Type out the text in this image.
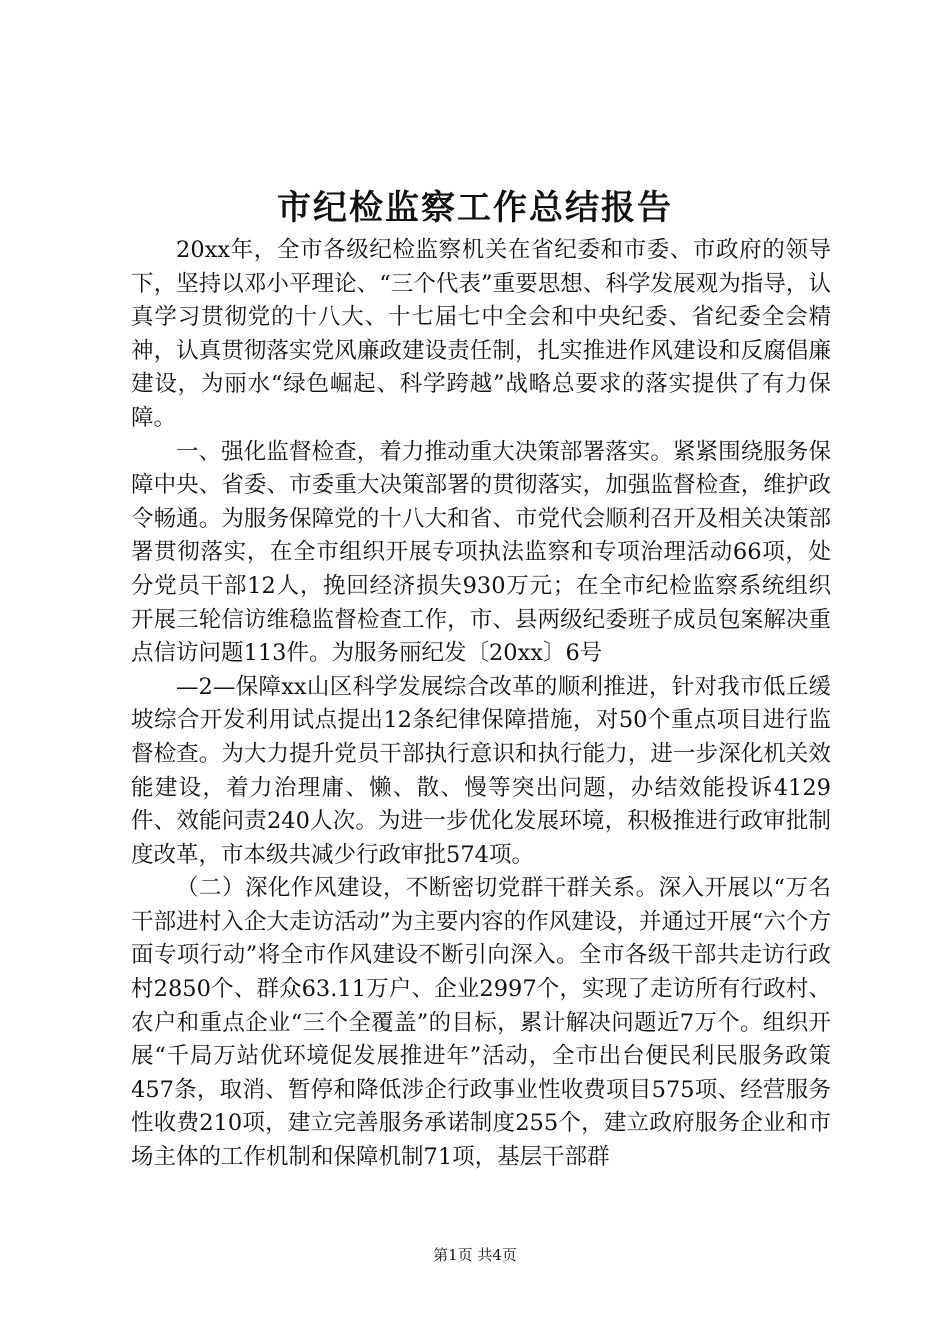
市纪检监察工作总结报告

20xx年，全市各级纪检监察机关在省纪委和市委、市政府的领导下，坚持以邓小平理论、“三个代表”重要思想、科学发展观为指导，认真学习贯彻党的十八大、十七届七中全会和中央纪委、省纪委全会精神，认真贯彻落实党风廉政建设责任制，扎实推进作风建设和反腐倡廉建设，为丽水“绿色崛起、科学跨越”战略总要求的落实提供了有力保障。

一、强化监督检查，着力推动重大决策部署落实。紧紧围绕服务保障中央、省委、市委重大决策部署的贯彻落实，加强监督检查，维护政令畅通。为服务保障党的十八大和省、市党代会顺利召开及相关决策部署贯彻落实，在全市组织开展专项执法监察和专项治理活动66项，处分党员干部12人，挽回经济损失930万元；在全市纪检监察系统组织开展三轮信访维稳监督检查工作，市、县两级纪委班子成员包案解决重点信访问题113件。为服务丽纪发〔20xx〕6号

—2—保障xx山区科学发展综合改革的顺利推进，针对我市低丘缓坡综合开发利用试点提出12条纪律保障措施，对50个重点项目进行监督检查。为大力提升党员干部执行意识和执行能力，进一步深化机关效能建设，着力治理庸、懒、散、慢等突出问题，办结效能投诉4129件、效能问责240人次。为进一步优化发展环境，积极推进行政审批制度改革，市本级共减少行政审批574项。

（二）深化作风建设，不断密切党群干群关系。深入开展以“万名干部进村入企大走访活动”为主要内容的作风建设，并通过开展“六个方面专项行动”将全市作风建设不断引向深入。全市各级干部共走访行政村2850个、群众63.11万户、企业2997个，实现了走访所有行政村、农户和重点企业“三个全覆盖”的目标，累计解决问题近7万个。组织开展“千局万站优环境促发展推进年”活动，全市出台便民利民服务政策457条，取消、暂停和降低涉企行政事业性收费项目575项、经营服务性收费210项，建立完善服务承诺制度255个，建立政府服务企业和市场主体的工作机制和保障机制71项，基层干部群

第1页 共4页
